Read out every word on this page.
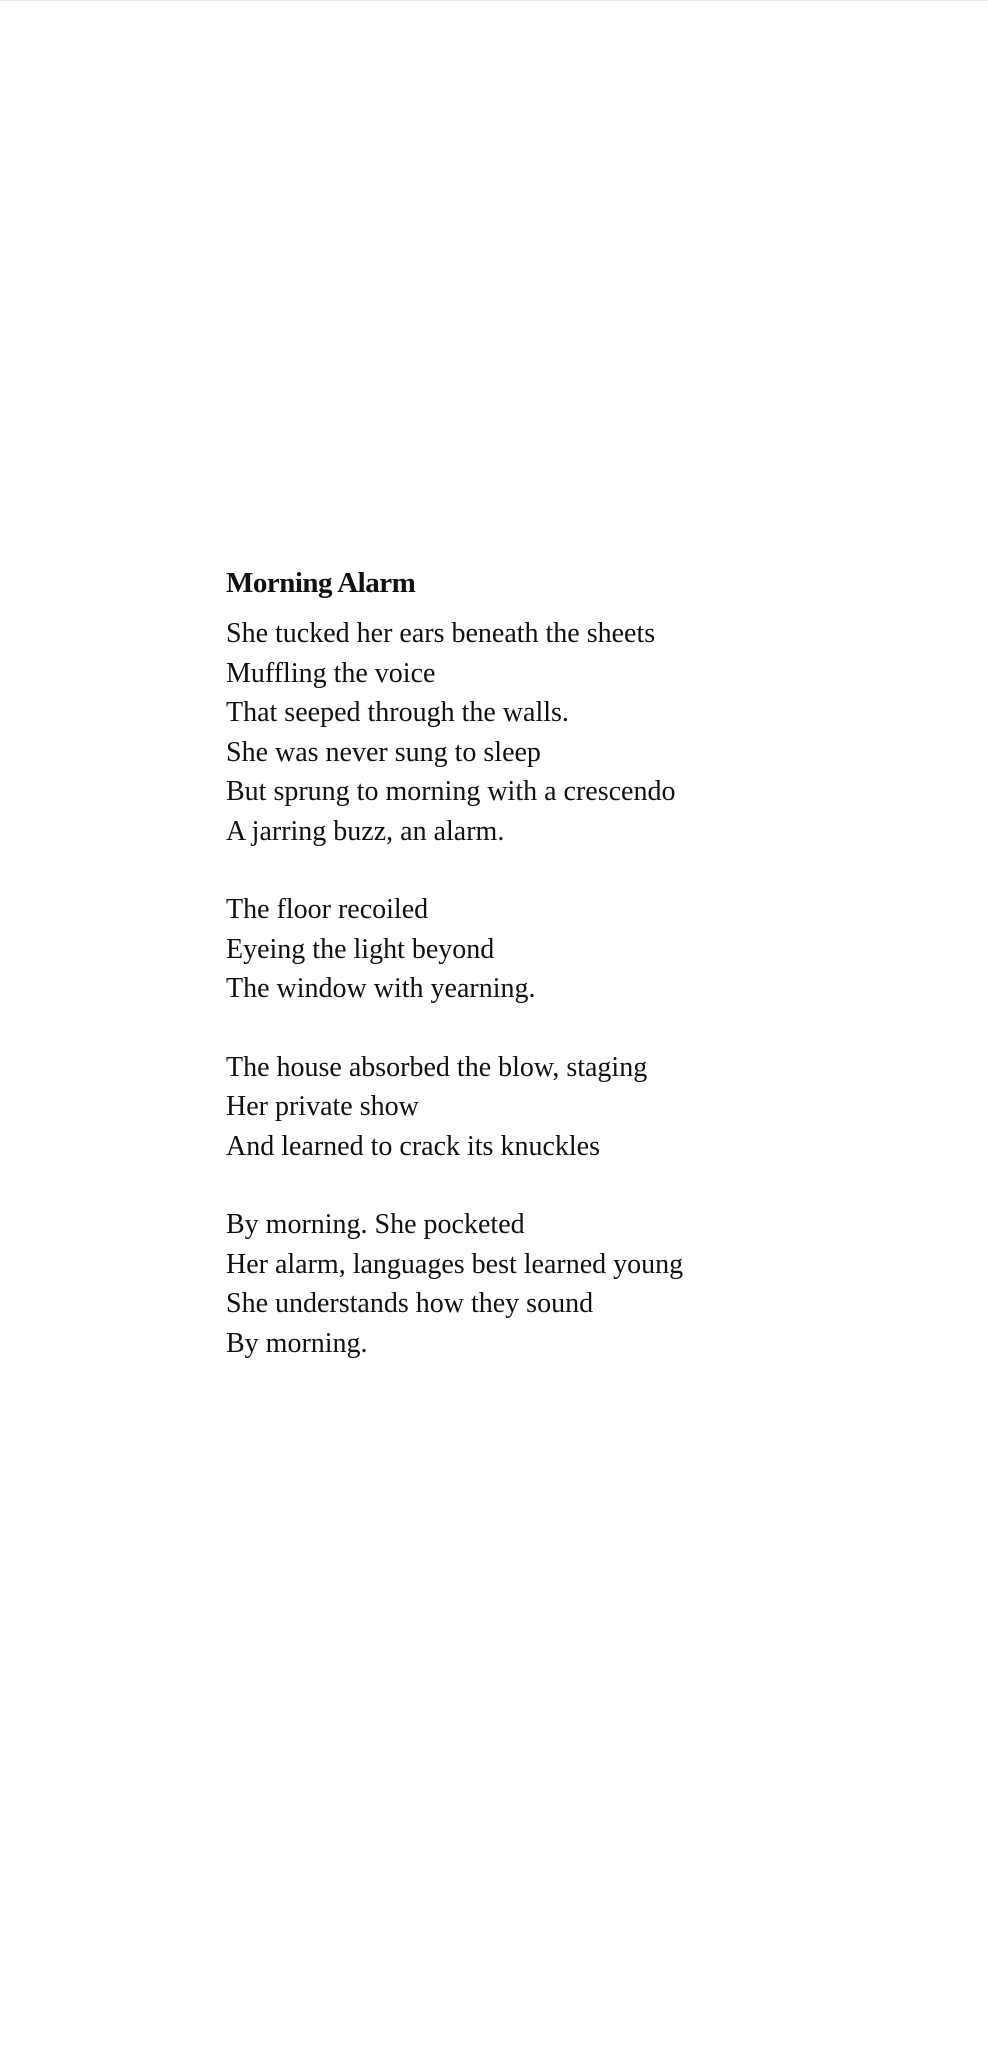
Morning Alarm
She tucked her ears beneath the sheets
Muffling the voice
That seeped through the walls.
She was never sung to sleep
But sprung to morning with a crescendo
A jarring buzz, an alarm.
The floor recoiled
Eyeing the light beyond
The window with yearning.
The house absorbed the blow, staging
Her private show
And learned to crack its knuckles
By morning. She pocketed
Her alarm, languages best learned young
She understands how they sound
By morning.
